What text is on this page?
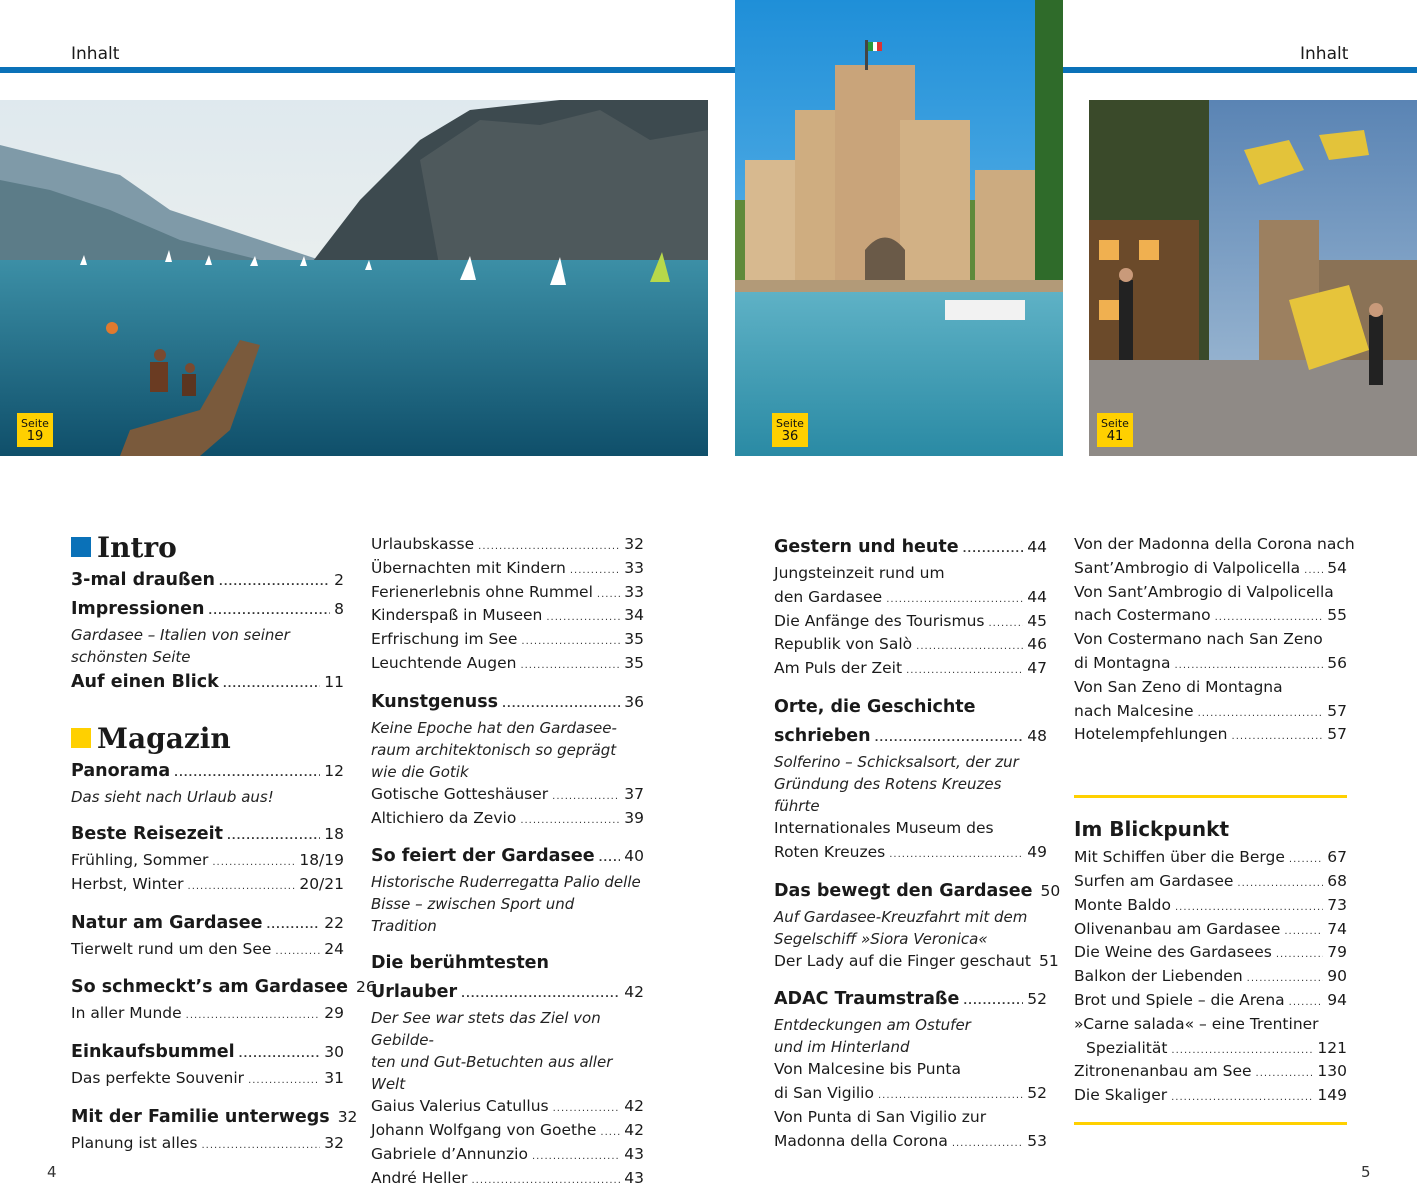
Inhalt	Inhalt
Seite
19
Seite
36
Seite
41
Intro
3-mal draußen .....	2
Impressionen .....	8
Gardasee – Italien von seiner
schönsten Seite
Auf einen Blick .....	11
Magazin
Panorama .....	12
Das sieht nach Urlaub aus!
Beste Reisezeit .....	18
Frühling, Sommer .....	18/19
Herbst, Winter .....	20/21
Natur am Gardasee .....	22
Tierwelt rund um den See .....	24
So schmeckt’s am Gardasee 26
In aller Munde .....	29
Einkaufsbummel .....	30
Das perfekte Souvenir .....	31
Mit der Familie unterwegs 32
Planung ist alles .....	32
Urlaubskasse .....	32
Übernachten mit Kindern .....	33
Ferienerlebnis ohne Rummel ..... 33
Kinderspaß in Museen .....	34
Erfrischung im See .....	35
Leuchtende Augen .....	35
Kunstgenuss .....	36
Keine Epoche hat den Gardasee-
raum architektonisch so geprägt
wie die Gotik
Gotische Gotteshäuser .....	37
Altichiero da Zevio .....	39
So feiert der Gardasee ..... 40
Historische Ruderregatta Palio delle
Bisse – zwischen Sport und Tradition
Die berühmtesten
Urlauber .....	42
Der See war stets das Ziel von Gebilde-
ten und Gut-Betuchten aus aller Welt
Gaius Valerius Catullus .....	42
Johann Wolfgang von Goethe ..... 42
Gabriele d’Annunzio .....	43
André Heller .....	43
Gestern und heute .....	44
Jungsteinzeit rund um
den Gardasee .....	44
Die Anfänge des Tourismus .....	45
Republik von Salò .....	46
Am Puls der Zeit .....	47
Orte, die Geschichte
schrieben .....	48
Solferino – Schicksalsort, der zur
Gründung des Rotens Kreuzes führte
Internationales Museum des
Roten Kreuzes .....	49
Das bewegt den Gardasee 50
Auf Gardasee-Kreuzfahrt mit dem
Segelschiff »Siora Veronica«
Der Lady auf die Finger geschaut 51
ADAC Traumstraße .....	52
Entdeckungen am Ostufer
und im Hinterland
Von Malcesine bis Punta
di San Vigilio .....	52
Von Punta di San Vigilio zur
Madonna della Corona .....	53
Von der Madonna della Corona nach
Sant’Ambrogio di Valpolicella ..... 54
Von Sant’Ambrogio di Valpolicella
nach Costermano .....	55
Von Costermano nach San Zeno
di Montagna .....	56
Von San Zeno di Montagna
nach Malcesine .....	57
Hotelempfehlungen .....	57
Im Blickpunkt
Mit Schiffen über die Berge .....	67
Surfen am Gardasee .....	68
Monte Baldo .....	73
Olivenanbau am Gardasee .....	74
Die Weine des Gardasees .....	79
Balkon der Liebenden .....	90
Brot und Spiele – die Arena .....	94
»Carne salada« – eine Trentiner
Spezialität .....	121
Zitronenanbau am See .....	130
Die Skaliger .....	149
4	5
